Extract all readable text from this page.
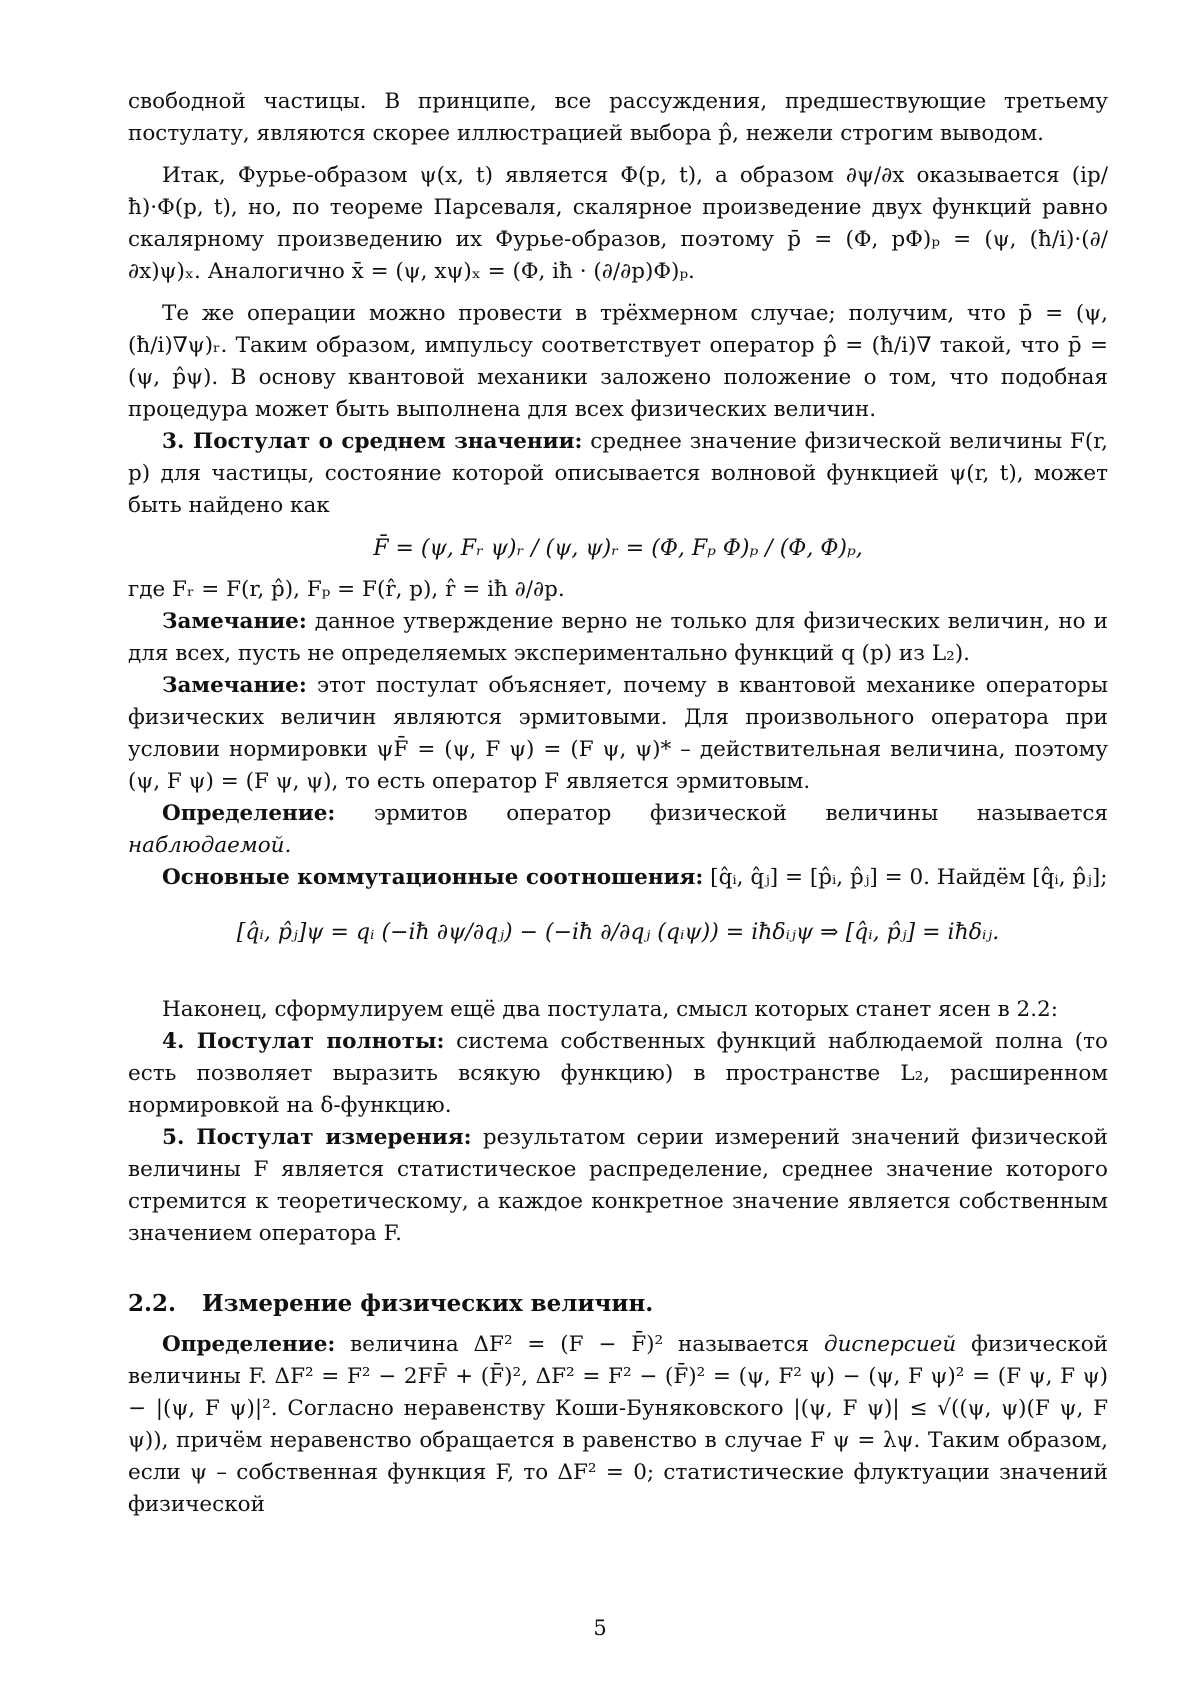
свободной частицы. В принципе, все рассуждения, предшествующие третьему постулату, являются скорее иллюстрацией выбора p̂, нежели строгим выводом.

Итак, Фурье-образом ψ(x, t) является Φ(p, t), а образом ∂ψ/∂x оказывается (ip/ħ)·Φ(p, t), но, по теореме Парсеваля, скалярное произведение двух функций равно скалярному произведению их Фурье-образов, поэтому p̄ = (Φ, pΦ)ₚ = (ψ, (ħ/i)·(∂/∂x)ψ)ₓ. Аналогично x̄ = (ψ, xψ)ₓ = (Φ, iħ · (∂/∂p)Φ)ₚ.

Те же операции можно провести в трёхмерном случае; получим, что p̄ = (ψ, (ħ/i)∇ψ)ᵣ. Таким образом, импульсу соответствует оператор p̂ = (ħ/i)∇ такой, что p̄ = (ψ, p̂ψ). В основу квантовой механики заложено положение о том, что подобная процедура может быть выполнена для всех физических величин.

3. Постулат о среднем значении: среднее значение физической величины F(r, p) для частицы, состояние которой описывается волновой функцией ψ(r, t), может быть найдено как

F̄ = (ψ, Fᵣ ψ)ᵣ / (ψ, ψ)ᵣ = (Φ, Fₚ Φ)ₚ / (Φ, Φ)ₚ,

где Fᵣ = F(r, p̂), Fₚ = F(r̂, p), r̂ = iħ ∂/∂p.

Замечание: данное утверждение верно не только для физических величин, но и для всех, пусть не определяемых экспериментально функций q (p) из L₂).

Замечание: этот постулат объясняет, почему в квантовой механике операторы физических величин являются эрмитовыми. Для произвольного оператора при условии нормировки ψF̄ = (ψ, F ψ) = (F ψ, ψ)* – действительная величина, поэтому (ψ, F ψ) = (F ψ, ψ), то есть оператор F является эрмитовым.

Определение: эрмитов оператор физической величины называется наблюдаемой.

Основные коммутационные соотношения: [q̂ᵢ, q̂ⱼ] = [p̂ᵢ, p̂ⱼ] = 0. Найдём [q̂ᵢ, p̂ⱼ];

[q̂ᵢ, p̂ⱼ]ψ = qᵢ (−iħ ∂ψ/∂qⱼ) − (−iħ ∂/∂qⱼ (qᵢψ)) = iħδᵢⱼψ ⇒ [q̂ᵢ, p̂ⱼ] = iħδᵢⱼ.

Наконец, сформулируем ещё два постулата, смысл которых станет ясен в 2.2:

4. Постулат полноты: система собственных функций наблюдаемой полна (то есть позволяет выразить всякую функцию) в пространстве L₂, расширенном нормировкой на δ-функцию.

5. Постулат измерения: результатом серии измерений значений физической величины F является статистическое распределение, среднее значение которого стремится к теоретическому, а каждое конкретное значение является собственным значением оператора F.

2.2. Измерение физических величин.

Определение: величина ΔF² = (F − F̄)² называется дисперсией физической величины F. ΔF² = F² − 2FF̄ + (F̄)², ΔF² = F² − (F̄)² = (ψ, F² ψ) − (ψ, F ψ)² = (F ψ, F ψ) − |(ψ, F ψ)|². Согласно неравенству Коши-Буняковского |(ψ, F ψ)| ≤ √((ψ, ψ)(F ψ, F ψ)), причём неравенство обращается в равенство в случае F ψ = λψ. Таким образом, если ψ – собственная функция F, то ΔF² = 0; статистические флуктуации значений физической

5
